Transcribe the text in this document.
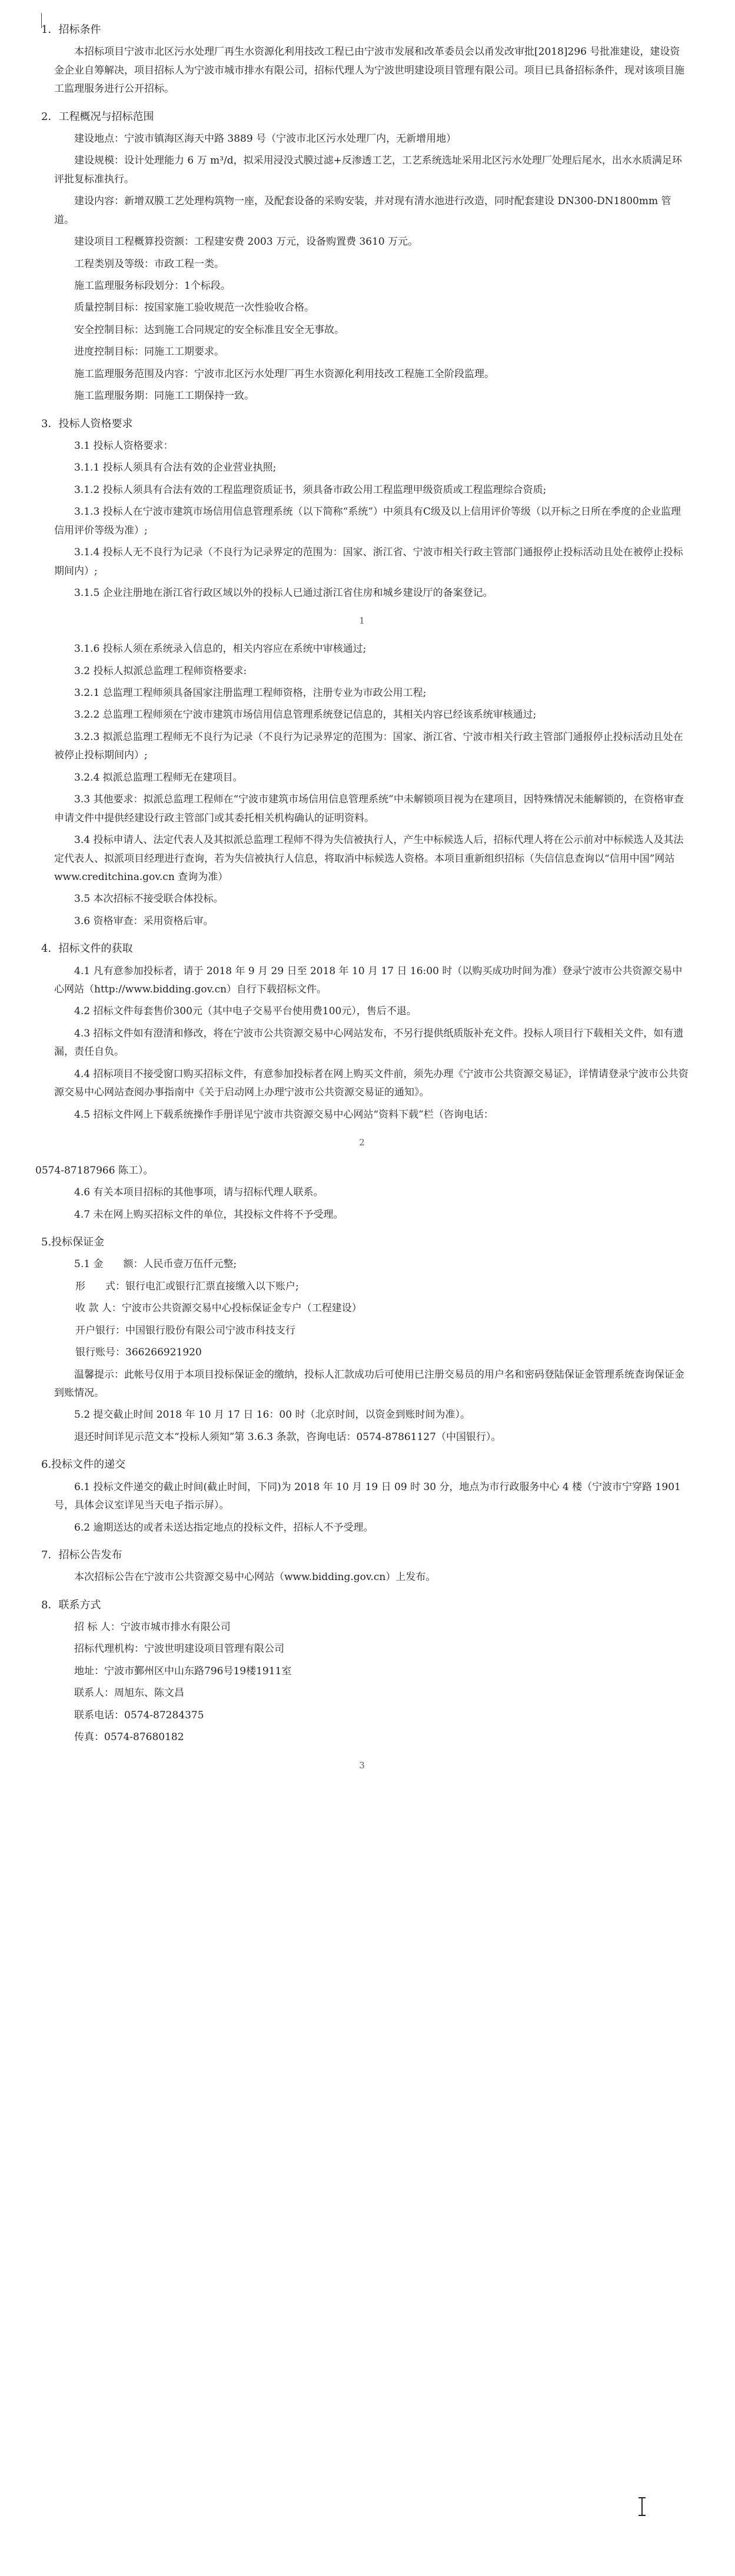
1．招标条件

本招标项目宁波市北区污水处理厂再生水资源化利用技改工程已由宁波市发展和改革委员会以甬发改审批[2018]296 号批准建设，建设资金企业自筹解决，项目招标人为宁波市城市排水有限公司，招标代理人为宁波世明建设项目管理有限公司。项目已具备招标条件，现对该项目施工监理服务进行公开招标。

2．工程概况与招标范围

建设地点：宁波市镇海区海天中路 3889 号（宁波市北区污水处理厂内，无新增用地）

建设规模：设计处理能力 6 万 m³/d，拟采用浸没式膜过滤+反渗透工艺，工艺系统选址采用北区污水处理厂处理后尾水，出水水质满足环评批复标准执行。

建设内容：新增双膜工艺处理构筑物一座，及配套设备的采购安装，并对现有清水池进行改造，同时配套建设 DN300-DN1800mm 管道。

建设项目工程概算投资额：工程建安费 2003 万元，设备购置费 3610 万元。

工程类别及等级：市政工程一类。

施工监理服务标段划分：1个标段。

质量控制目标：按国家施工验收规范一次性验收合格。

安全控制目标：达到施工合同规定的安全标准且安全无事故。

进度控制目标：同施工工期要求。

施工监理服务范围及内容：宁波市北区污水处理厂再生水资源化利用技改工程施工全阶段监理。

施工监理服务期：同施工工期保持一致。

3．投标人资格要求

3.1 投标人资格要求：

3.1.1 投标人须具有合法有效的企业营业执照;

3.1.2 投标人须具有合法有效的工程监理资质证书，须具备市政公用工程监理甲级资质或工程监理综合资质;

3.1.3 投标人在宁波市建筑市场信用信息管理系统（以下简称“系统”）中须具有C级及以上信用评价等级（以开标之日所在季度的企业监理信用评价等级为准）;

3.1.4 投标人无不良行为记录（不良行为记录界定的范围为：国家、浙江省、宁波市相关行政主管部门通报停止投标活动且处在被停止投标期间内）;

3.1.5 企业注册地在浙江省行政区域以外的投标人已通过浙江省住房和城乡建设厅的备案登记。

1

3.1.6 投标人须在系统录入信息的，相关内容应在系统中审核通过;

3.2 投标人拟派总监理工程师资格要求:

3.2.1 总监理工程师须具备国家注册监理工程师资格，注册专业为市政公用工程;

3.2.2 总监理工程师须在宁波市建筑市场信用信息管理系统登记信息的，其相关内容已经该系统审核通过;

3.2.3 拟派总监理工程师无不良行为记录（不良行为记录界定的范围为：国家、浙江省、宁波市相关行政主管部门通报停止投标活动且处在被停止投标期间内）;

3.2.4 拟派总监理工程师无在建项目。

3.3 其他要求：拟派总监理工程师在“宁波市建筑市场信用信息管理系统”中未解锁项目视为在建项目，因特殊情况未能解锁的，在资格审查申请文件中提供经建设行政主管部门或其委托相关机构确认的证明资料。

3.4 投标申请人、法定代表人及其拟派总监理工程师不得为失信被执行人，产生中标候选人后，招标代理人将在公示前对中标候选人及其法定代表人、拟派项目经理进行查询，若为失信被执行人信息，将取消中标候选人资格。本项目重新组织招标（失信信息查询以“信用中国”网站 www.creditchina.gov.cn 查询为准）

3.5 本次招标不接受联合体投标。

3.6 资格审查：采用资格后审。

4．招标文件的获取

4.1 凡有意参加投标者，请于 2018 年 9 月 29 日至 2018 年 10 月 17 日 16:00 时（以购买成功时间为准）登录宁波市公共资源交易中心网站（http://www.bidding.gov.cn）自行下载招标文件。

4.2 招标文件每套售价300元（其中电子交易平台使用费100元），售后不退。

4.3 招标文件如有澄清和修改，将在宁波市公共资源交易中心网站发布，不另行提供纸质版补充文件。投标人项目行下载相关文件，如有遗漏，责任自负。

4.4 招标项目不接受窗口购买招标文件，有意参加投标者在网上购买文件前，须先办理《宁波市公共资源交易证》，详情请登录宁波市公共资源交易中心网站查阅办事指南中《关于启动网上办理宁波市公共资源交易证的通知》。

4.5 招标文件网上下载系统操作手册详见宁波市共资源交易中心网站“资料下载”栏（咨询电话：

2

0574-87187966 陈工）。

4.6 有关本项目招标的其他事项，请与招标代理人联系。

4.7 未在网上购买招标文件的单位，其投标文件将不予受理。

5.投标保证金

5.1 金　　额：人民币壹万伍仟元整;

形　　式：银行电汇或银行汇票直接缴入以下账户;

收 款 人：宁波市公共资源交易中心投标保证金专户（工程建设）

开户银行：中国银行股份有限公司宁波市科技支行

银行账号：366266921920

温馨提示：此帐号仅用于本项目投标保证金的缴纳，投标人汇款成功后可使用已注册交易员的用户名和密码登陆保证金管理系统查询保证金到账情况。

5.2 提交截止时间 2018 年 10 月 17 日 16：00 时（北京时间，以资金到账时间为准）。

退还时间详见示范文本“投标人须知”第 3.6.3 条款，咨询电话：0574-87861127（中国银行）。

6.投标文件的递交

6.1 投标文件递交的截止时间(截止时间，下同)为 2018 年 10 月 19 日 09 时 30 分，地点为市行政服务中心 4 楼（宁波市宁穿路 1901 号，具体会议室详见当天电子指示屏）。

6.2 逾期送达的或者未送达指定地点的投标文件，招标人不予受理。

7．招标公告发布

本次招标公告在宁波市公共资源交易中心网站（www.bidding.gov.cn）上发布。

8．联系方式

招 标 人：宁波市城市排水有限公司

招标代理机构：宁波世明建设项目管理有限公司

地址：宁波市鄞州区中山东路796号19楼1911室

联系人：周旭东、陈文昌

联系电话：0574-87284375

传真：0574-87680182

3
